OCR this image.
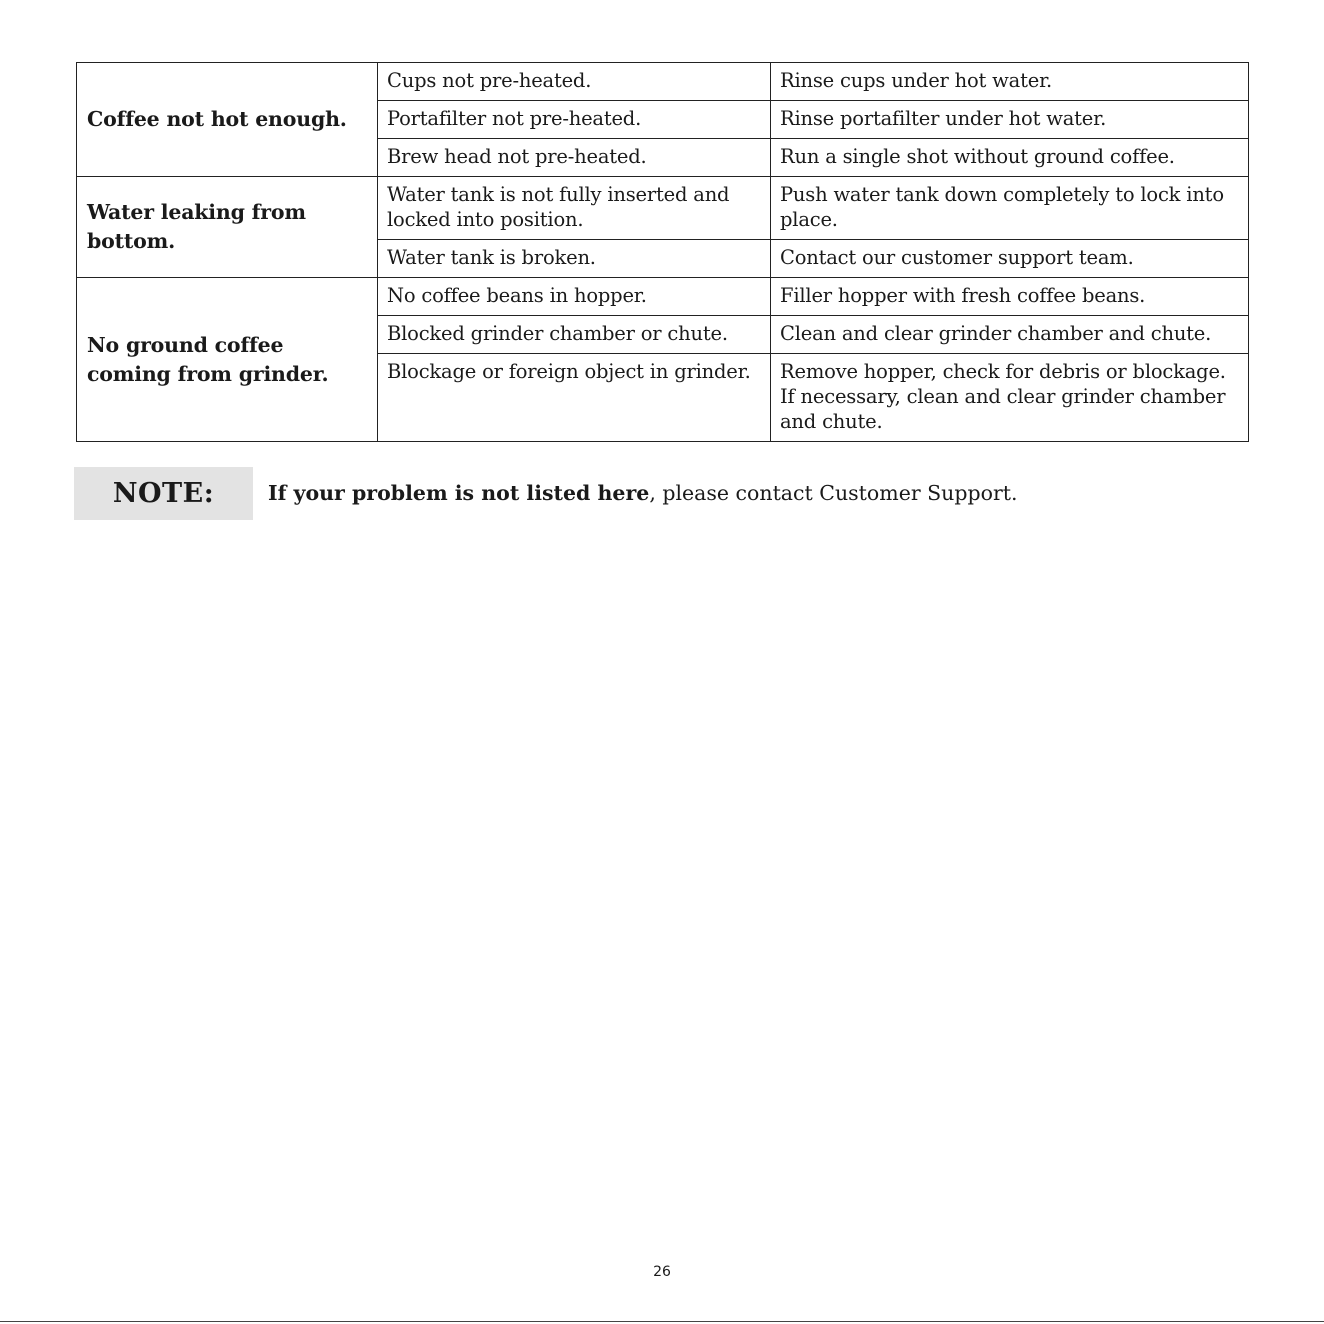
Coffee not hot enough.	Cups not pre-heated.	Rinse cups under hot water.
	Portafilter not pre-heated.	Rinse portafilter under hot water.
	Brew head not pre-heated.	Run a single shot without ground coffee.
Water leaking from bottom.	Water tank is not fully inserted and locked into position.	Push water tank down completely to lock into place.
	Water tank is broken.	Contact our customer support team.
No ground coffee coming from grinder.	No coffee beans in hopper.	Filler hopper with fresh coffee beans.
	Blocked grinder chamber or chute.	Clean and clear grinder chamber and chute.
	Blockage or foreign object in grinder.	Remove hopper, check for debris or blockage. If necessary, clean and clear grinder chamber and chute.
NOTE:	If your problem is not listed here, please contact Customer Support.
26
